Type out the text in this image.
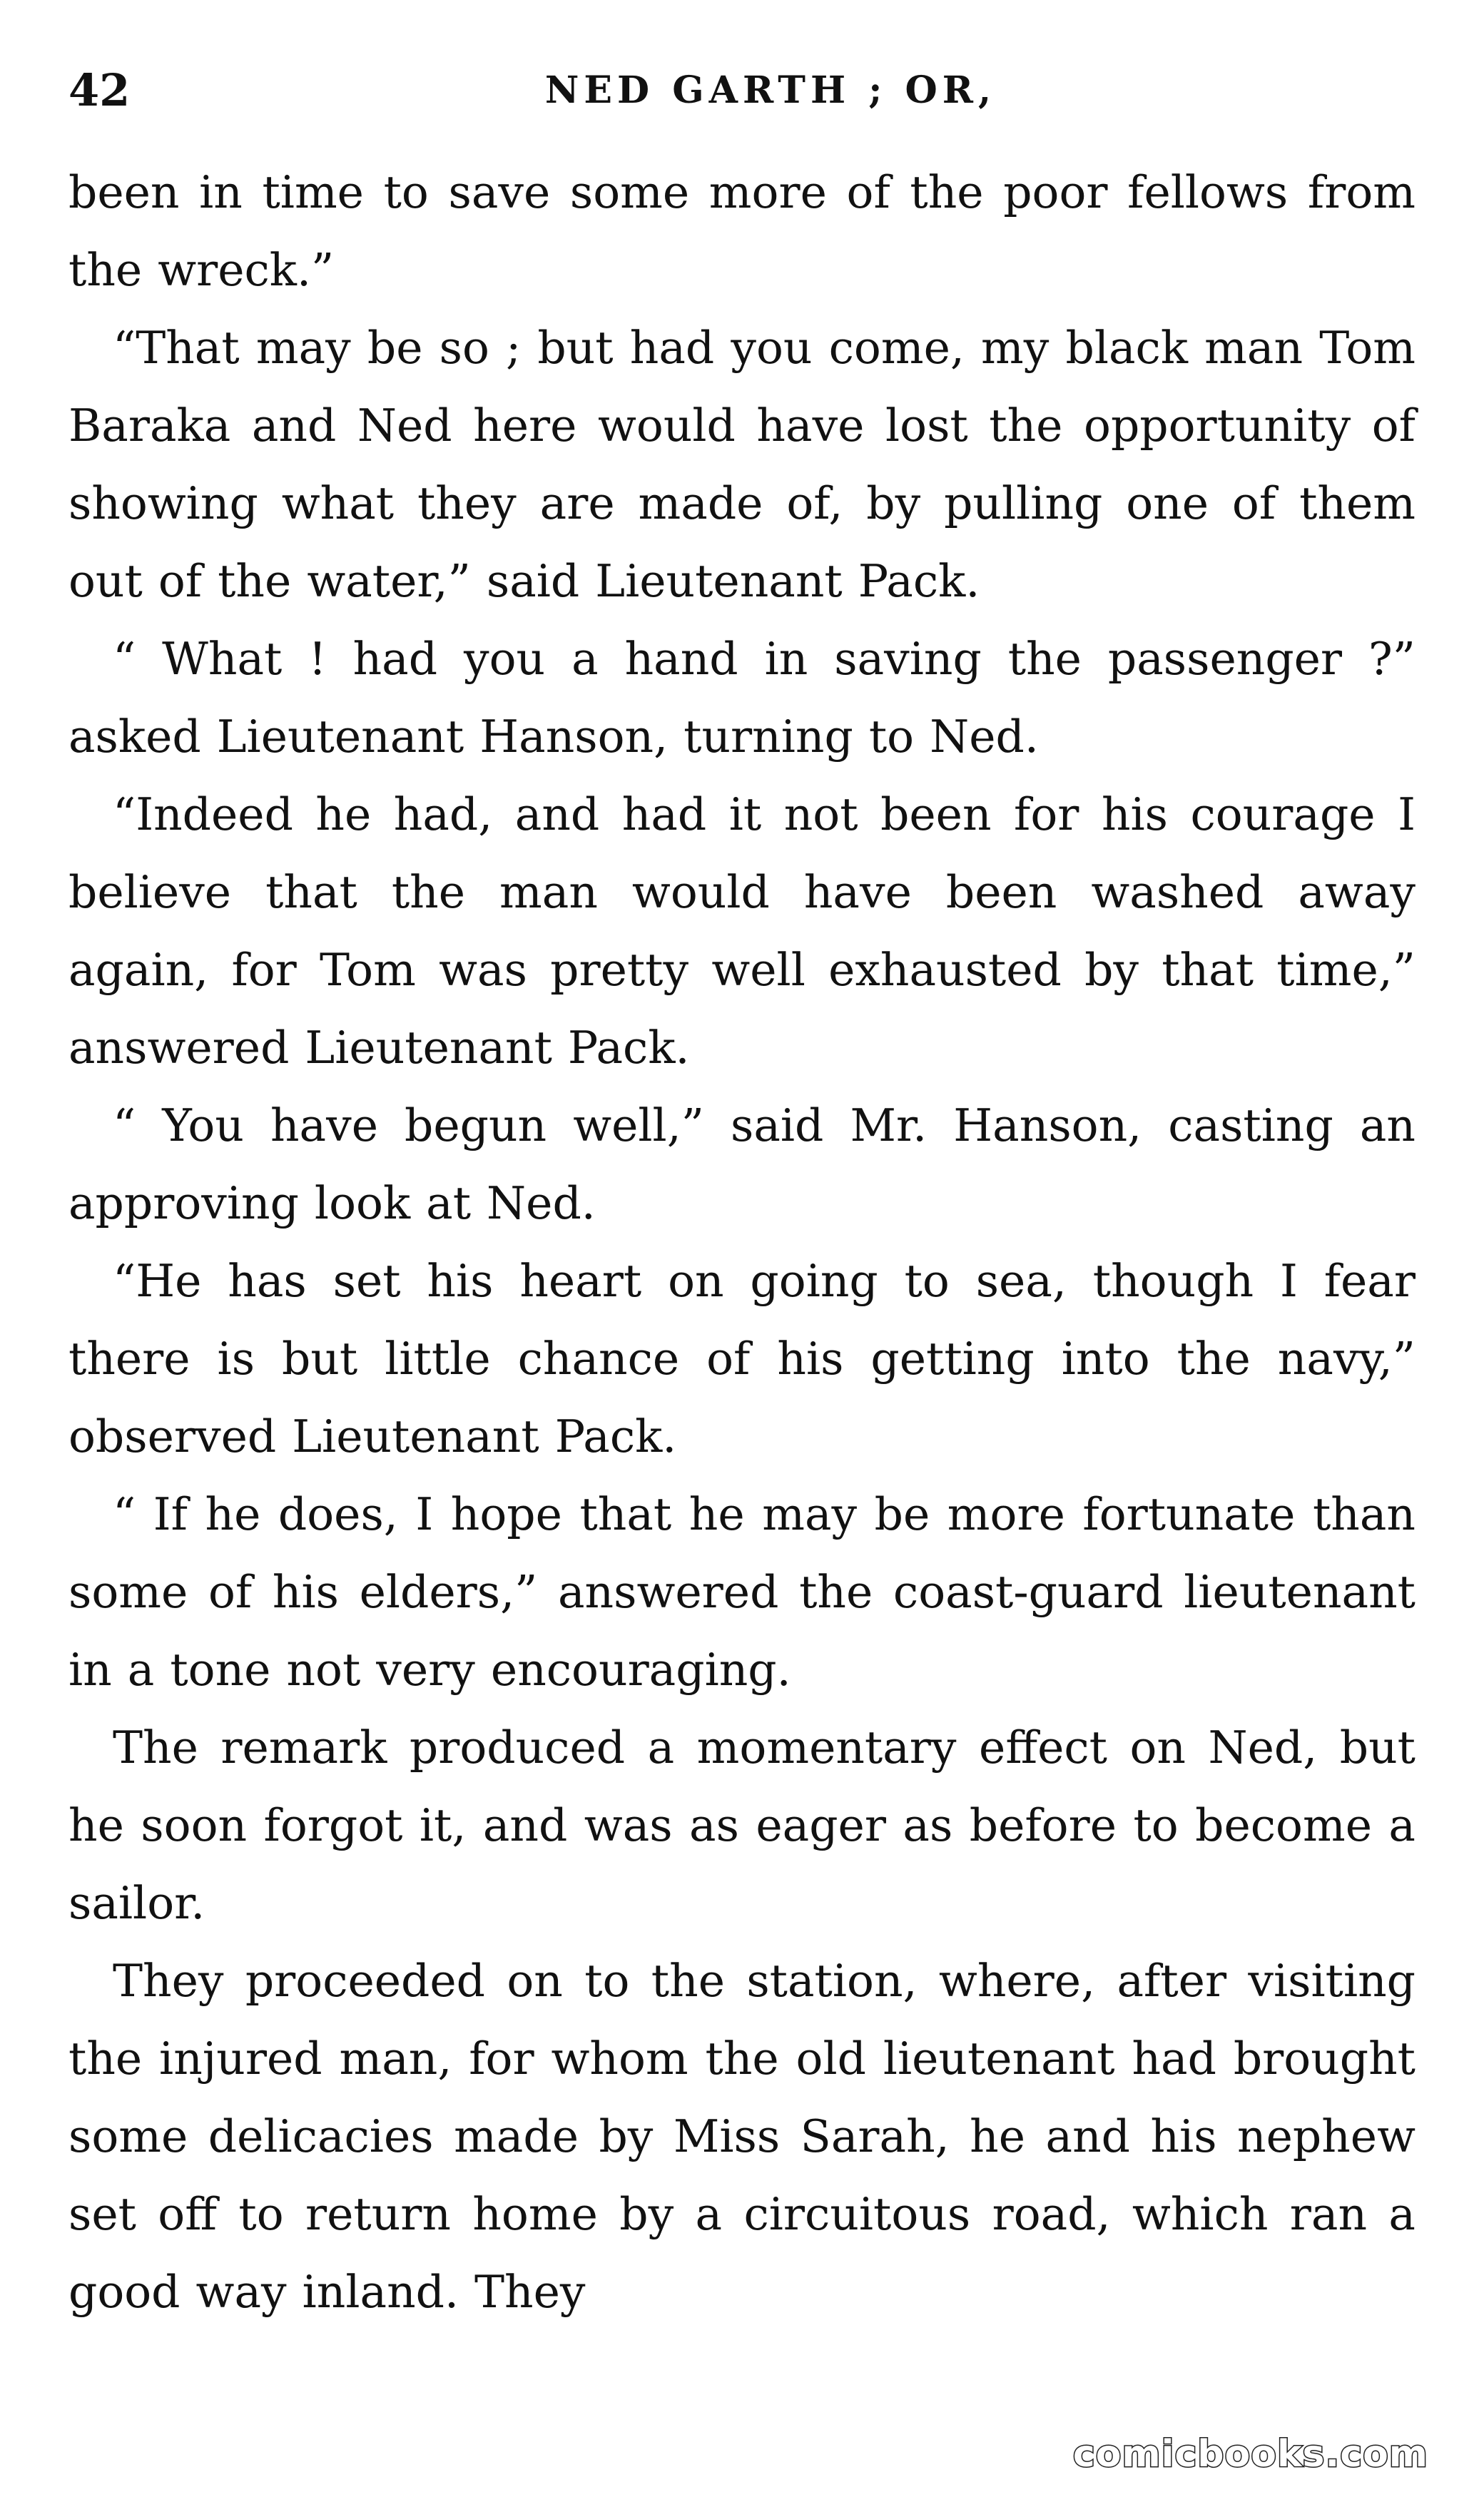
42	NED GARTH ; OR,

been in time to save some more of the poor fellows from the wreck.”

“That may be so ; but had you come, my black man Tom Baraka and Ned here would have lost the opportunity of showing what they are made of, by pulling one of them out of the water,” said Lieutenant Pack.

“ What ! had you a hand in saving the passenger ?” asked Lieutenant Hanson, turning to Ned.

“Indeed he had, and had it not been for his courage I believe that the man would have been washed away again, for Tom was pretty well exhausted by that time,” answered Lieutenant Pack.

“ You have begun well,” said Mr. Hanson, casting an approving look at Ned.

“He has set his heart on going to sea, though I fear there is but little chance of his getting into the navy,” observed Lieutenant Pack.

“ If he does, I hope that he may be more fortunate than some of his elders,” answered the coast-guard lieutenant in a tone not very encouraging.

The remark produced a momentary effect on Ned, but he soon forgot it, and was as eager as before to become a sailor.

They proceeded on to the station, where, after visiting the injured man, for whom the old lieutenant had brought some delicacies made by Miss Sarah, he and his nephew set off to return home by a circuitous road, which ran a good way inland. They

comicbooks.com
